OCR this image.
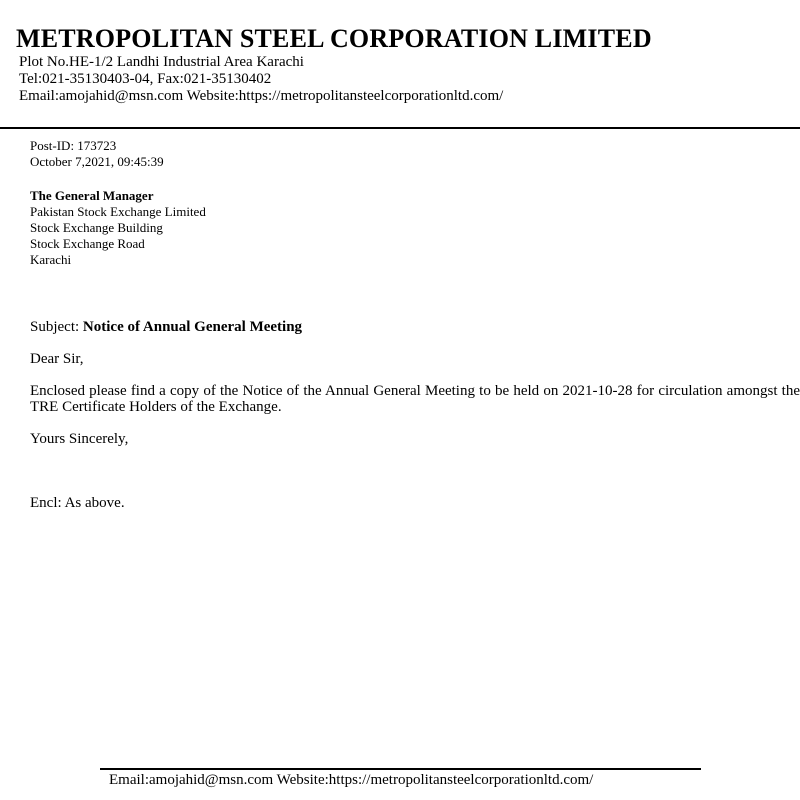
METROPOLITAN STEEL CORPORATION LIMITED
Plot No.HE-1/2 Landhi Industrial Area Karachi
Tel:021-35130403-04, Fax:021-35130402
Email:amojahid@msn.com Website:https://metropolitansteelcorporationltd.com/
Post-ID: 173723
October 7,2021, 09:45:39
The General Manager
Pakistan Stock Exchange Limited
Stock Exchange Building
Stock Exchange Road
Karachi
Subject: Notice of Annual General Meeting
Dear Sir,
Enclosed please find a copy of the Notice of the Annual General Meeting to be held on 2021-10-28 for circulation amongst the TRE Certificate Holders of the Exchange.
Yours Sincerely,
Encl: As above.
Email:amojahid@msn.com Website:https://metropolitansteelcorporationltd.com/
